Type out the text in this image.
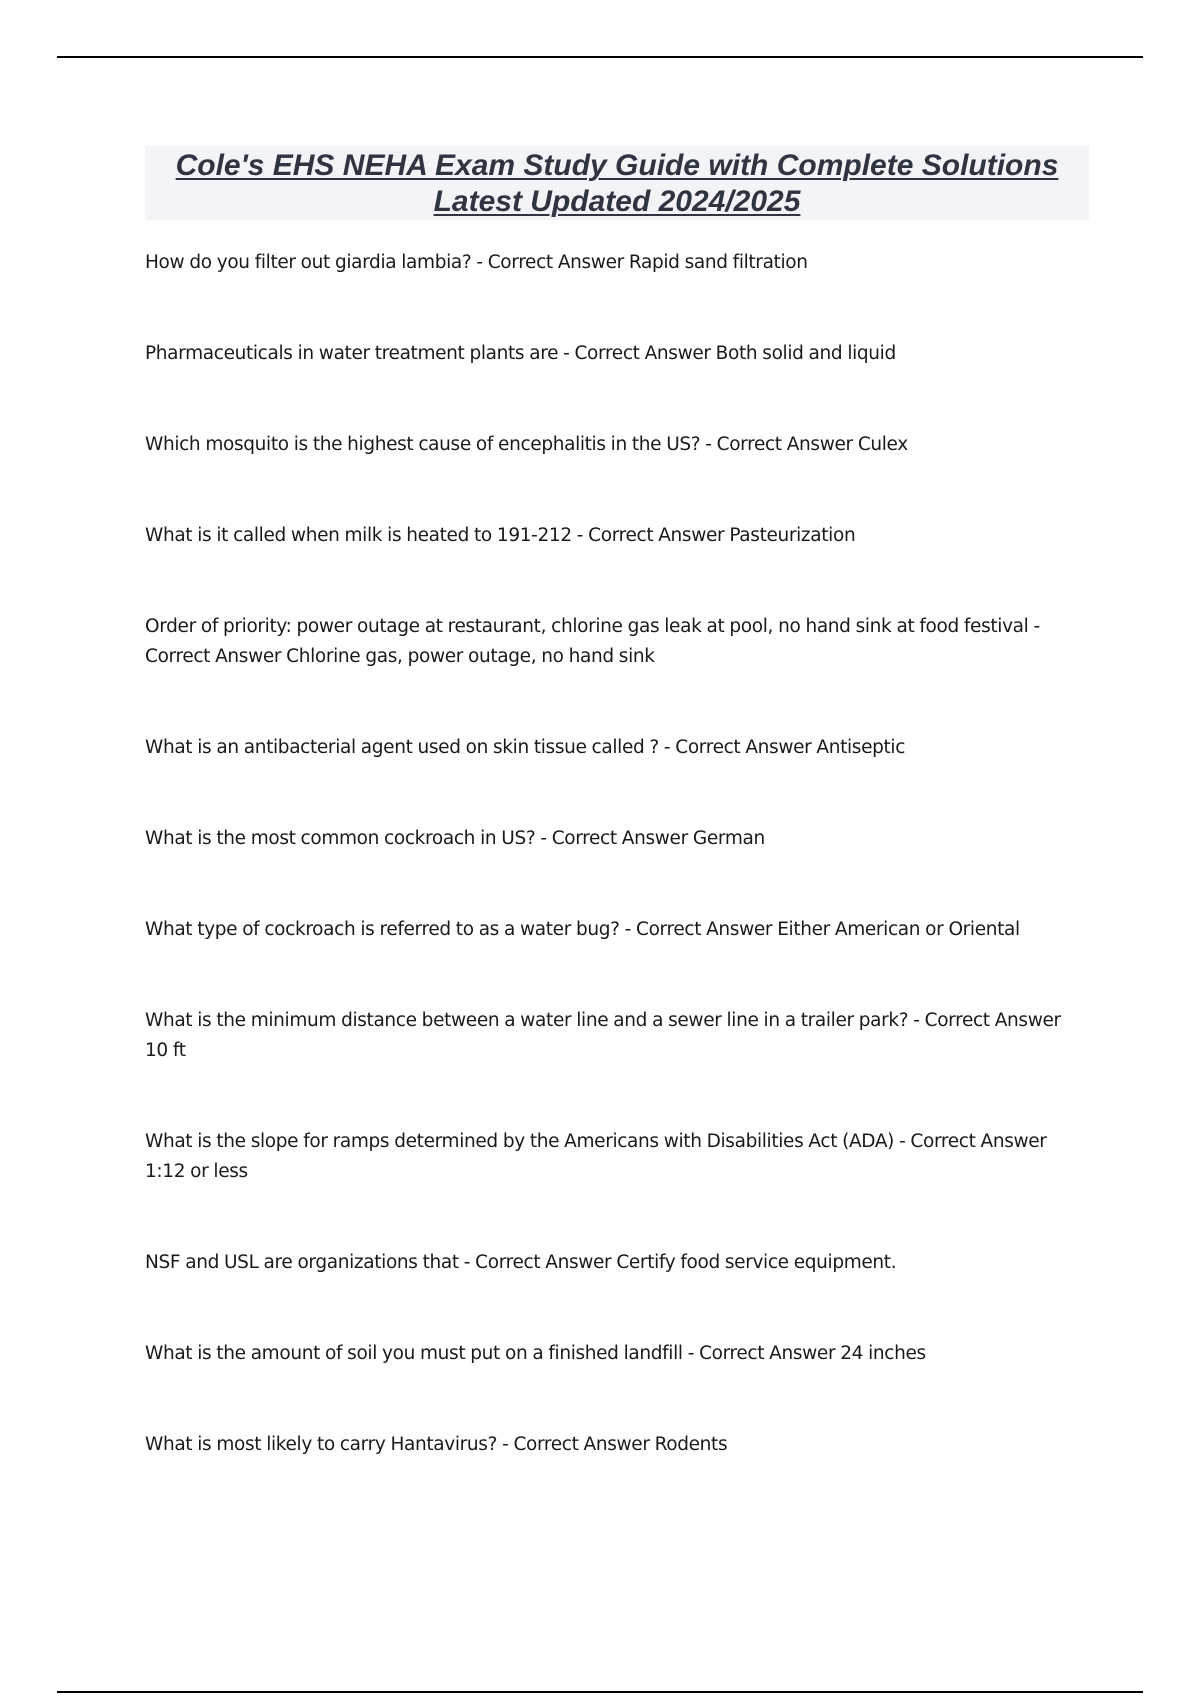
Cole's EHS NEHA Exam Study Guide with Complete Solutions Latest Updated 2024/2025
How do you filter out giardia lambia? - Correct Answer Rapid sand filtration
Pharmaceuticals in water treatment plants are - Correct Answer Both solid and liquid
Which mosquito is the highest cause of encephalitis in the US? - Correct Answer Culex
What is it called when milk is heated to 191-212 - Correct Answer Pasteurization
Order of priority: power outage at restaurant, chlorine gas leak at pool, no hand sink at food festival - Correct Answer Chlorine gas, power outage, no hand sink
What is an antibacterial agent used on skin tissue called ? - Correct Answer Antiseptic
What is the most common cockroach in US? - Correct Answer German
What type of cockroach is referred to as a water bug? - Correct Answer Either American or Oriental
What is the minimum distance between a water line and a sewer line in a trailer park? - Correct Answer 10 ft
What is the slope for ramps determined by the Americans with Disabilities Act (ADA) - Correct Answer 1:12 or less
NSF and USL are organizations that - Correct Answer Certify food service equipment.
What is the amount of soil you must put on a finished landfill - Correct Answer 24 inches
What is most likely to carry Hantavirus? - Correct Answer Rodents
